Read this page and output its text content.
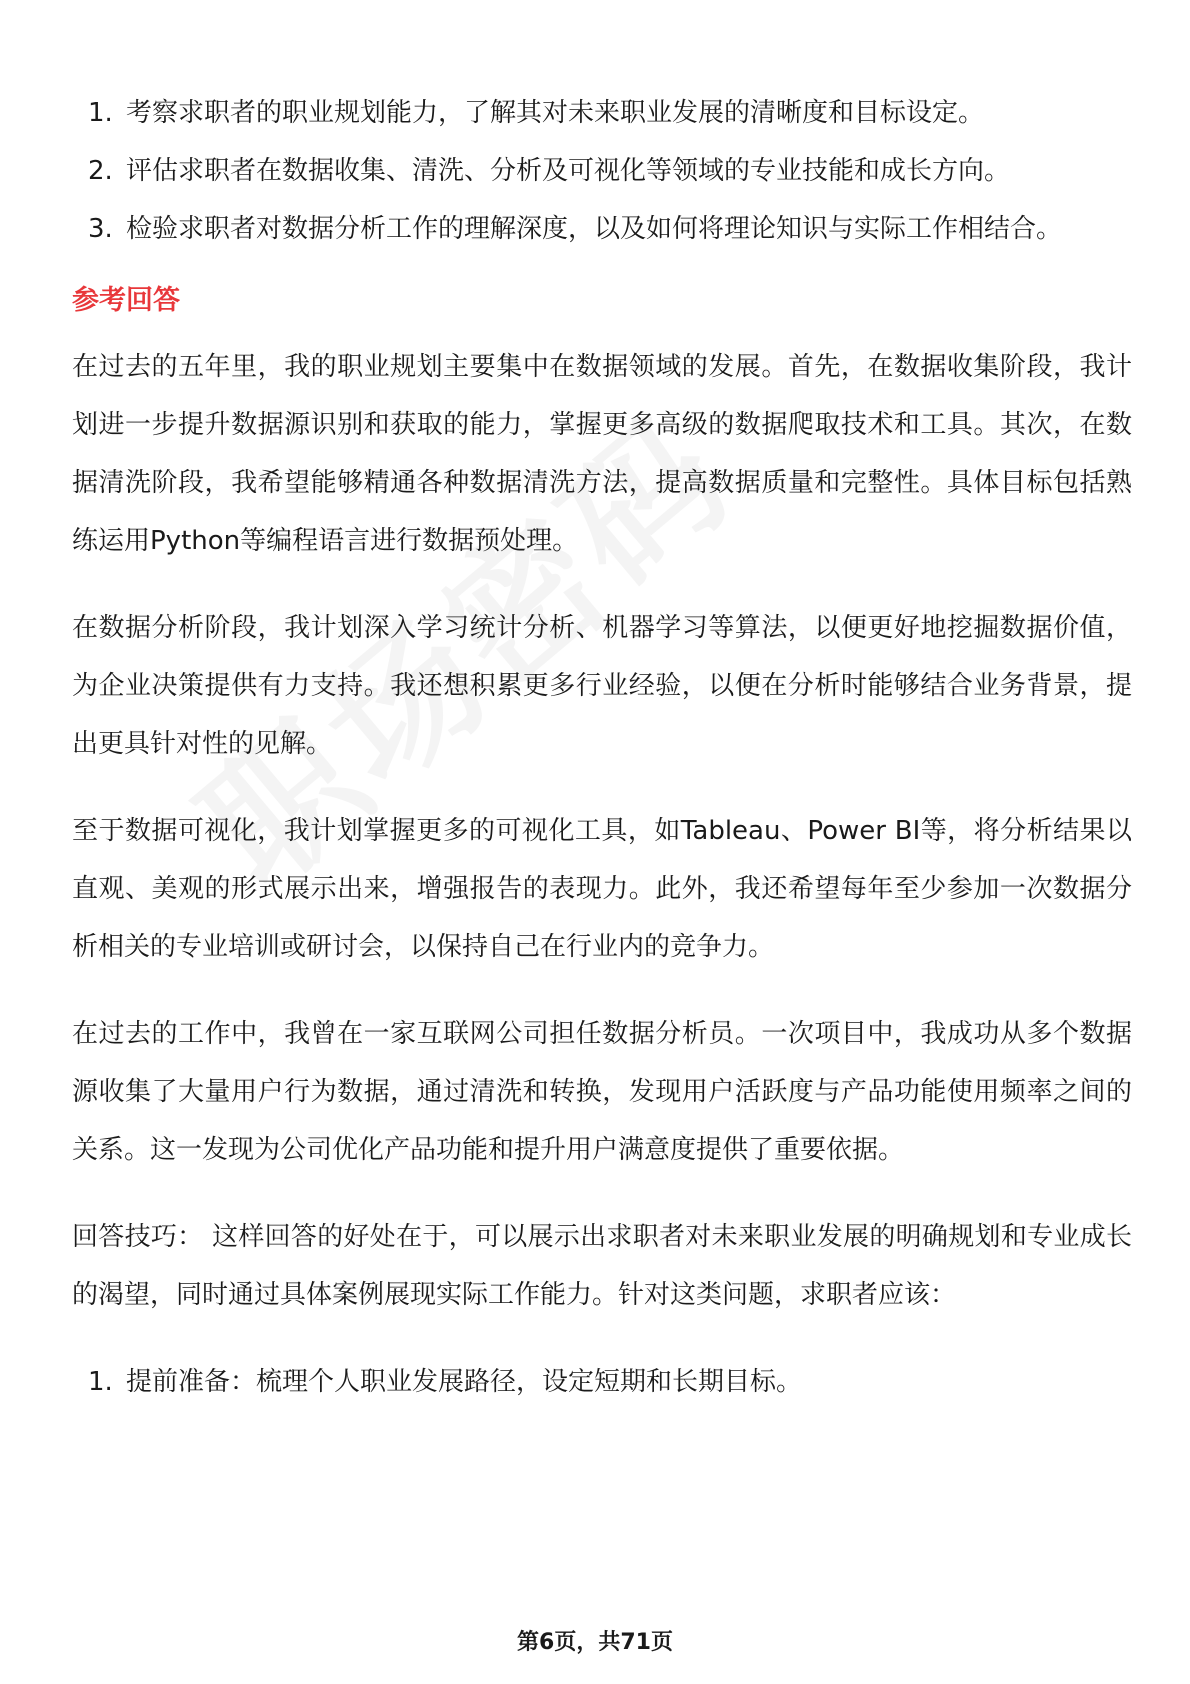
1. 考察求职者的职业规划能力，了解其对未来职业发展的清晰度和目标设定。
2. 评估求职者在数据收集、清洗、分析及可视化等领域的专业技能和成长方向。
3. 检验求职者对数据分析工作的理解深度，以及如何将理论知识与实际工作相结合。
参考回答

在过去的五年里，我的职业规划主要集中在数据领域的发展。首先，在数据收集阶段，我计划进一步提升数据源识别和获取的能力，掌握更多高级的数据爬取技术和工具。其次，在数据清洗阶段，我希望能够精通各种数据清洗方法，提高数据质量和完整性。具体目标包括熟练运用Python等编程语言进行数据预处理。

在数据分析阶段，我计划深入学习统计分析、机器学习等算法，以便更好地挖掘数据价值，为企业决策提供有力支持。我还想积累更多行业经验，以便在分析时能够结合业务背景，提出更具针对性的见解。

至于数据可视化，我计划掌握更多的可视化工具，如Tableau、Power BI等，将分析结果以直观、美观的形式展示出来，增强报告的表现力。此外，我还希望每年至少参加一次数据分析相关的专业培训或研讨会，以保持自己在行业内的竞争力。

在过去的工作中，我曾在一家互联网公司担任数据分析员。一次项目中，我成功从多个数据源收集了大量用户行为数据，通过清洗和转换，发现用户活跃度与产品功能使用频率之间的关系。这一发现为公司优化产品功能和提升用户满意度提供了重要依据。

回答技巧： 这样回答的好处在于，可以展示出求职者对未来职业发展的明确规划和专业成长的渴望，同时通过具体案例展现实际工作能力。针对这类问题，求职者应该：

1. 提前准备：梳理个人职业发展路径，设定短期和长期目标。
第6页，共71页
